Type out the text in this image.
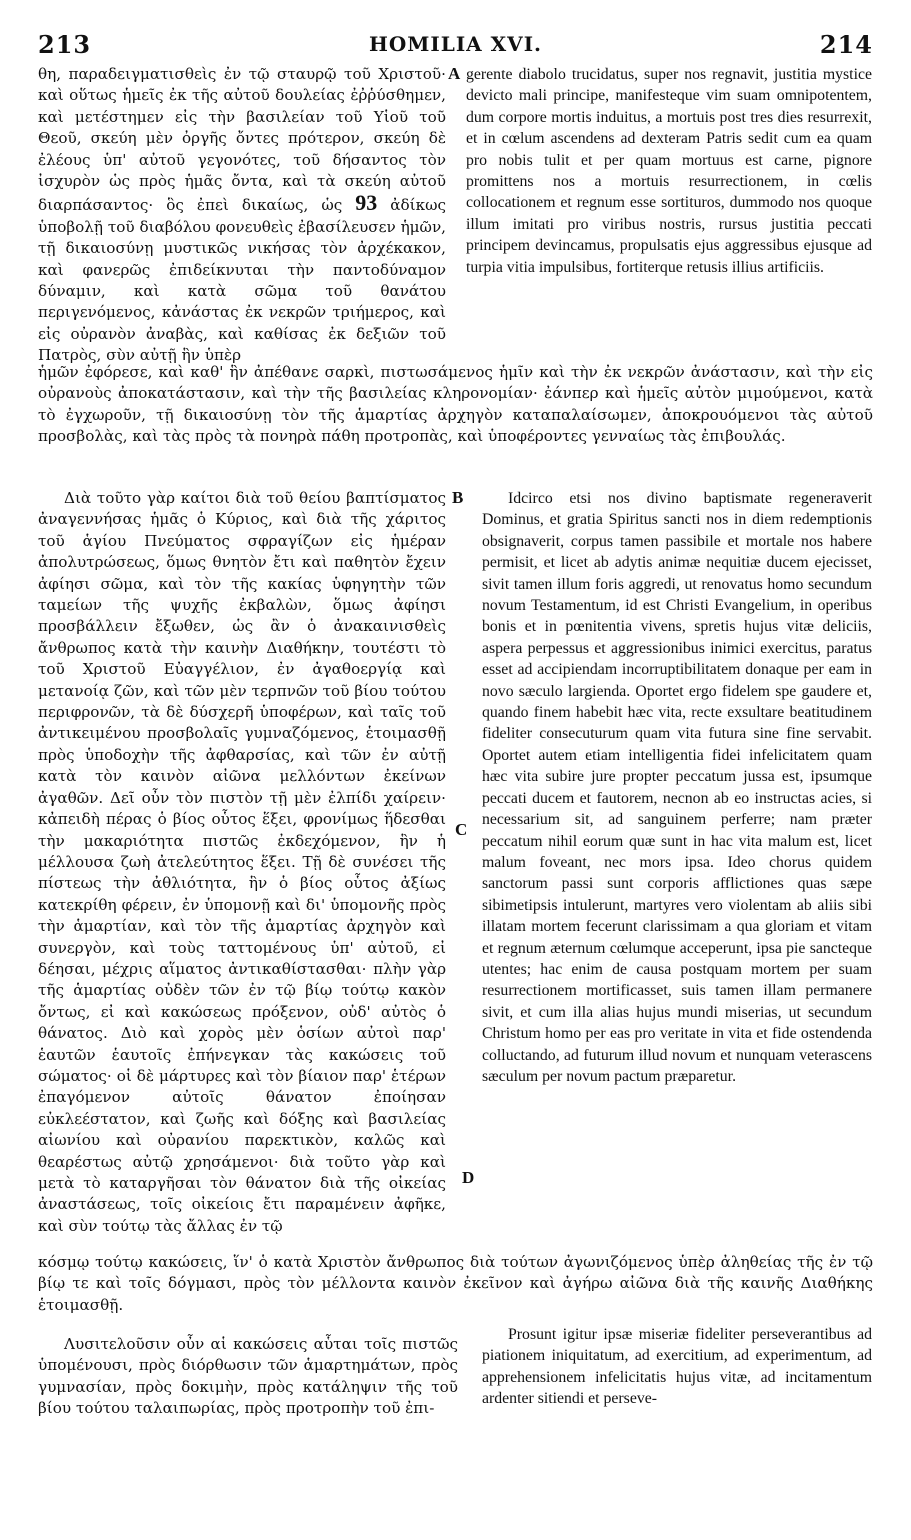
213	HOMILIA XVI.	214

θη, παραδειγματισθεὶς ἐν τῷ σταυρῷ τοῦ Χριστοῦ· καὶ οὕτως ἡμεῖς ἐκ τῆς αὐτοῦ δουλείας ἐῤῥύσθημεν, καὶ μετέστημεν εἰς τὴν βασιλείαν τοῦ Υἱοῦ τοῦ Θεοῦ, σκεύη μὲν ὀργῆς ὄντες πρότερον, σκεύη δὲ ἐλέους ὑπ' αὐτοῦ γεγονότες, τοῦ δήσαντος τὸν ἰσχυρὸν ὡς πρὸς ἡμᾶς ὄντα, καὶ τὰ σκεύη αὐτοῦ διαρπάσαντος· ὃς ἐπεὶ δικαίως, ὡς 93 ἀδίκως ὑποβολῇ τοῦ διαβόλου φονευθεὶς ἐβασίλευσεν ἡμῶν, τῇ δικαιοσύνῃ μυστικῶς νικήσας τὸν ἀρχέκακον, καὶ φανερῶς ἐπιδείκνυται τὴν παντοδύναμον δύναμιν, καὶ κατὰ σῶμα τοῦ θανάτου περιγενόμενος, κἀνάστας ἐκ νεκρῶν τριήμερος, καὶ εἰς οὐρανὸν ἀναβὰς, καὶ καθίσας ἐκ δεξιῶν τοῦ Πατρὸς, σὺν αὐτῇ ἣν ὑπὲρ

A gerente diabolo trucidatus, super nos regnavit, justitia mystice devicto mali principe, manifesteque vim suam omnipotentem, dum corpore mortis induitus, a mortuis post tres dies resurrexit, et in cœlum ascendens ad dexteram Patris sedit cum ea quam pro nobis tulit et per quam mortuus est carne, pignore promittens nos a mortuis resurrectionem, in cœlis collocationem et regnum esse sortituros, dummodo nos quoque illum imitati pro viribus nostris, rursus justitia peccati principem devincamus, propulsatis ejus aggressibus ejusque ad turpia vitia impulsibus, fortiterque retusis illius artificiis.

ἡμῶν ἐφόρεσε, καὶ καθ' ἣν ἀπέθανε σαρκὶ, πιστωσάμενος ἡμῖν καὶ τὴν ἐκ νεκρῶν ἀνάστασιν, καὶ τὴν εἰς οὐρανοὺς ἀποκατάστασιν, καὶ τὴν τῆς βασιλείας κληρονομίαν· ἐάνπερ καὶ ἡμεῖς αὐτὸν μιμούμενοι, κατὰ τὸ ἐγχωροῦν, τῇ δικαιοσύνῃ τὸν τῆς ἁμαρτίας ἀρχηγὸν καταπαλαίσωμεν, ἀποκρουόμενοι τὰς αὐτοῦ προσβολὰς, καὶ τὰς πρὸς τὰ πονηρὰ πάθη προτροπὰς, καὶ ὑποφέροντες γενναίως τὰς ἐπιβουλάς.

Διὰ τοῦτο γὰρ καίτοι διὰ τοῦ θείου βαπτίσματος ἀναγεννήσας ἡμᾶς ὁ Κύριος, καὶ διὰ τῆς χάριτος τοῦ ἁγίου Πνεύματος σφραγίζων εἰς ἡμέραν ἀπολυτρώσεως, ὅμως θνητὸν ἔτι καὶ παθητὸν ἔχειν ἀφίησι σῶμα, καὶ τὸν τῆς κακίας ὑφηγητὴν τῶν ταμείων τῆς ψυχῆς ἐκβαλὼν, ὅμως ἀφίησι προσβάλλειν ἔξωθεν, ὡς ἂν ὁ ἀνακαινισθεὶς ἄνθρωπος κατὰ τὴν καινὴν Διαθήκην, τουτέστι τὸ τοῦ Χριστοῦ Εὐαγγέλιον, ἐν ἀγαθοεργίᾳ καὶ μετανοίᾳ ζῶν, καὶ τῶν μὲν τερπνῶν τοῦ βίου τούτου περιφρονῶν, τὰ δὲ δύσχερῆ ὑποφέρων, καὶ ταῖς τοῦ ἀντικειμένου προσβολαῖς γυμναζόμενος, ἑτοιμασθῇ πρὸς ὑποδοχὴν τῆς ἀφθαρσίας, καὶ τῶν ἐν αὐτῇ κατὰ τὸν καινὸν αἰῶνα μελλόντων ἐκείνων ἀγαθῶν. Δεῖ οὖν τὸν πιστὸν τῇ μὲν ἐλπίδι χαίρειν· κἀπειδὴ πέρας ὁ βίος οὗτος ἕξει, φρονίμως ἥδεσθαι τὴν μακαριότητα πιστῶς ἐκδεχόμενον, ἣν ἡ μέλλουσα ζωὴ ἀτελεύτητος ἕξει. Τῇ δὲ συνέσει τῆς πίστεως τὴν ἀθλιότητα, ἣν ὁ βίος οὗτος ἀξίως κατεκρίθη φέρειν, ἐν ὑπομονῇ καὶ δι' ὑπομονῆς πρὸς τὴν ἁμαρτίαν, καὶ τὸν τῆς ἁμαρτίας ἀρχηγὸν καὶ συνεργὸν, καὶ τοὺς ταττομένους ὑπ' αὐτοῦ, εἰ δέησαι, μέχρις αἵματος ἀντικαθίστασθαι· πλὴν γὰρ τῆς ἁμαρτίας οὐδὲν τῶν ἐν τῷ βίῳ τούτῳ κακὸν ὄντως, εἰ καὶ κακώσεως πρόξενον, οὐδ' αὐτὸς ὁ θάνατος. Διὸ καὶ χορὸς μὲν ὁσίων αὐτοὶ παρ' ἑαυτῶν ἑαυτοῖς ἐπήνεγκαν τὰς κακώσεις τοῦ σώματος· οἱ δὲ μάρτυρες καὶ τὸν βίαιον παρ' ἑτέρων ἐπαγόμενον αὐτοῖς θάνατον ἐποίησαν εὐκλεέστατον, καὶ ζωῆς καὶ δόξης καὶ βασιλείας αἰωνίου καὶ οὐρανίου παρεκτικὸν, καλῶς καὶ θεαρέστως αὐτῷ χρησάμενοι· διὰ τοῦτο γὰρ καὶ μετὰ τὸ καταργῆσαι τὸν θάνατον διὰ τῆς οἰκείας ἀναστάσεως, τοῖς οἰκείοις ἔτι παραμένειν ἀφῆκε, καὶ σὺν τούτῳ τὰς ἄλλας ἐν τῷ

B
C
D

Idcirco etsi nos divino baptismate regeneraverit Dominus, et gratia Spiritus sancti nos in diem redemptionis obsignaverit, corpus tamen passibile et mortale nos habere permisit, et licet ab adytis animæ nequitiæ ducem ejecisset, sivit tamen illum foris aggredi, ut renovatus homo secundum novum Testamentum, id est Christi Evangelium, in operibus bonis et in pœnitentia vivens, spretis hujus vitæ deliciis, aspera perpessus et aggressionibus inimici exercitus, paratus esset ad accipiendam incorruptibilitatem donaque per eam in novo sæculo largienda. Oportet ergo fidelem spe gaudere et, quando finem habebit hæc vita, recte exsultare beatitudinem fideliter consecuturum quam vita futura sine fine servabit. Oportet autem etiam intelligentia fidei infelicitatem quam hæc vita subire jure propter peccatum jussa est, ipsumque peccati ducem et fautorem, necnon ab eo instructas acies, si necessarium sit, ad sanguinem perferre; nam præter peccatum nihil eorum quæ sunt in hac vita malum est, licet malum foveant, nec mors ipsa. Ideo chorus quidem sanctorum passi sunt corporis afflictiones quas sæpe sibimetipsis intulerunt, martyres vero violentam ab aliis sibi illatam mortem fecerunt clarissimam a qua gloriam et vitam et regnum æternum cœlumque acceperunt, ipsa pie sancteque utentes; hac enim de causa postquam mortem per suam resurrectionem mortificasset, suis tamen illam permanere sivit, et cum illa alias hujus mundi miserias, ut secundum Christum homo per eas pro veritate in vita et fide ostendenda colluctando, ad futurum illud novum et nunquam veterascens sæculum per novum pactum præparetur.

κόσμῳ τούτῳ κακώσεις, ἵν' ὁ κατὰ Χριστὸν ἄνθρωπος διὰ τούτων ἀγωνιζόμενος ὑπὲρ ἀληθείας τῆς ἐν τῷ βίῳ τε καὶ τοῖς δόγμασι, πρὸς τὸν μέλλοντα καινὸν ἐκεῖνον καὶ ἀγήρω αἰῶνα διὰ τῆς καινῆς Διαθήκης ἑτοιμασθῇ.

Λυσιτελοῦσιν οὖν αἱ κακώσεις αὗται τοῖς πιστῶς ὑπομένουσι, πρὸς διόρθωσιν τῶν ἁμαρτημάτων, πρὸς γυμνασίαν, πρὸς δοκιμὴν, πρὸς κατάληψιν τῆς τοῦ βίου τούτου ταλαιπωρίας, πρὸς προτροπὴν τοῦ ἐπι-

Prosunt igitur ipsæ miseriæ fideliter perseverantibus ad piationem iniquitatum, ad exercitium, ad experimentum, ad apprehensionem infelicitatis hujus vitæ, ad incitamentum ardenter sitiendi et perseve-
